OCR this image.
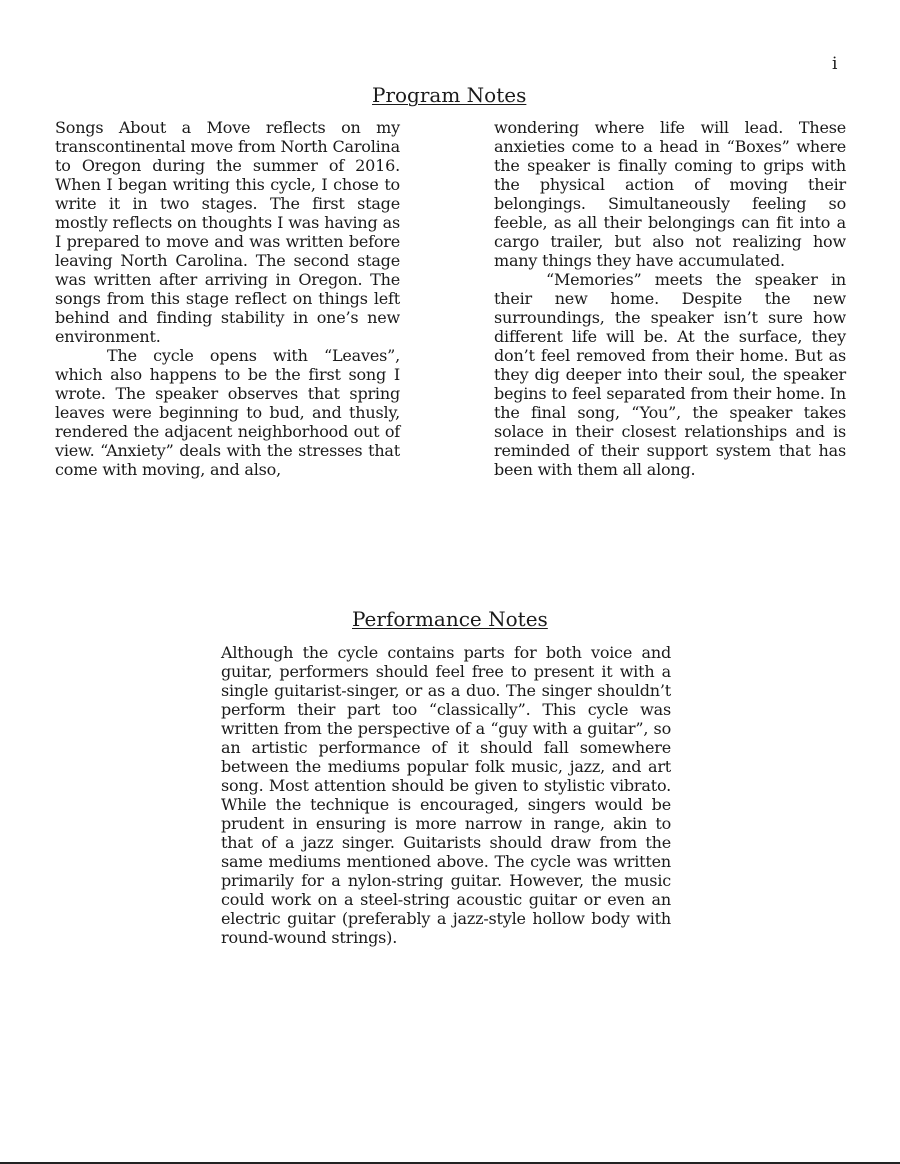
i
Program Notes

Songs About a Move reflects on my transcontinental move from North Carolina to Oregon during the summer of 2016. When I began writing this cycle, I chose to write it in two stages. The first stage mostly reflects on thoughts I was having as I prepared to move and was written before leaving North Carolina. The second stage was written after arriving in Oregon. The songs from this stage reflect on things left behind and finding stability in one’s new environment.

The cycle opens with “Leaves”, which also happens to be the first song I wrote. The speaker observes that spring leaves were beginning to bud, and thusly, rendered the adjacent neighborhood out of view. “Anxiety” deals with the stresses that come with moving, and also,

wondering where life will lead. These anxieties come to a head in “Boxes” where the speaker is finally coming to grips with the physical action of moving their belongings. Simultaneously feeling so feeble, as all their belongings can fit into a cargo trailer, but also not realizing how many things they have accumulated.

“Memories” meets the speaker in their new home. Despite the new surroundings, the speaker isn’t sure how different life will be. At the surface, they don’t feel removed from their home. But as they dig deeper into their soul, the speaker begins to feel separated from their home. In the final song, “You”, the speaker takes solace in their closest relationships and is reminded of their support system that has been with them all along.

Performance Notes

Although the cycle contains parts for both voice and guitar, performers should feel free to present it with a single guitarist-singer, or as a duo. The singer shouldn’t perform their part too “classically”. This cycle was written from the perspective of a “guy with a guitar”, so an artistic performance of it should fall somewhere between the mediums popular folk music, jazz, and art song. Most attention should be given to stylistic vibrato. While the technique is encouraged, singers would be prudent in ensuring is more narrow in range, akin to that of a jazz singer. Guitarists should draw from the same mediums mentioned above. The cycle was written primarily for a nylon-string guitar. However, the music could work on a steel-string acoustic guitar or even an electric guitar (preferably a jazz-style hollow body with round-wound strings).
